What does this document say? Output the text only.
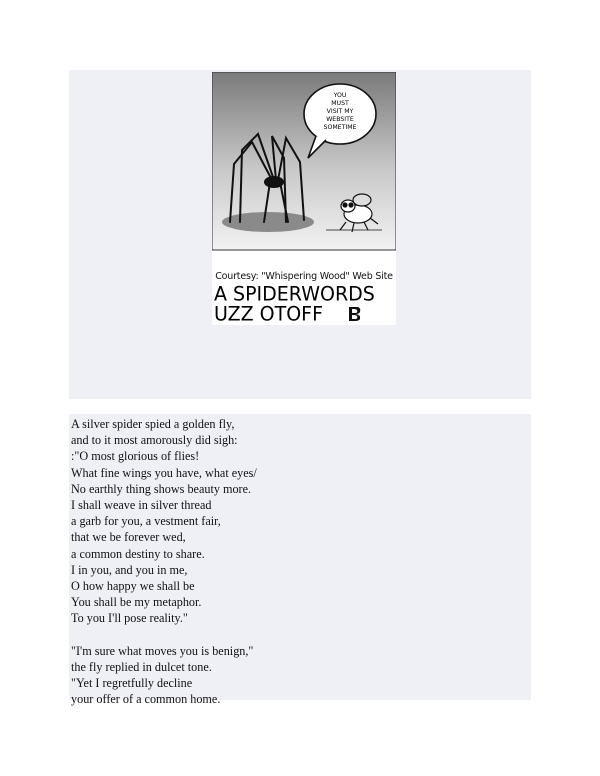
YOU
MUST
VISIT MY
WEBSITE
SOMETIME
Courtesy: "Whispering Wood" Web Site
A SPIDERWORDS
UZZ OTOFF
A silver spider spied a golden fly,
and to it most amorously did sigh:
:"O most glorious of flies!
What fine wings you have, what eyes/
No earthly thing shows beauty more.
I shall weave in silver thread
a garb for you, a vestment fair,
that we be forever wed,
a common destiny to share.
I in you, and you in me,
O how happy we shall be
You shall be my metaphor.
To you I'll pose reality."
"I'm sure what moves you is benign,"
the fly replied in dulcet tone.
"Yet I regretfully decline
your offer of a common home.
